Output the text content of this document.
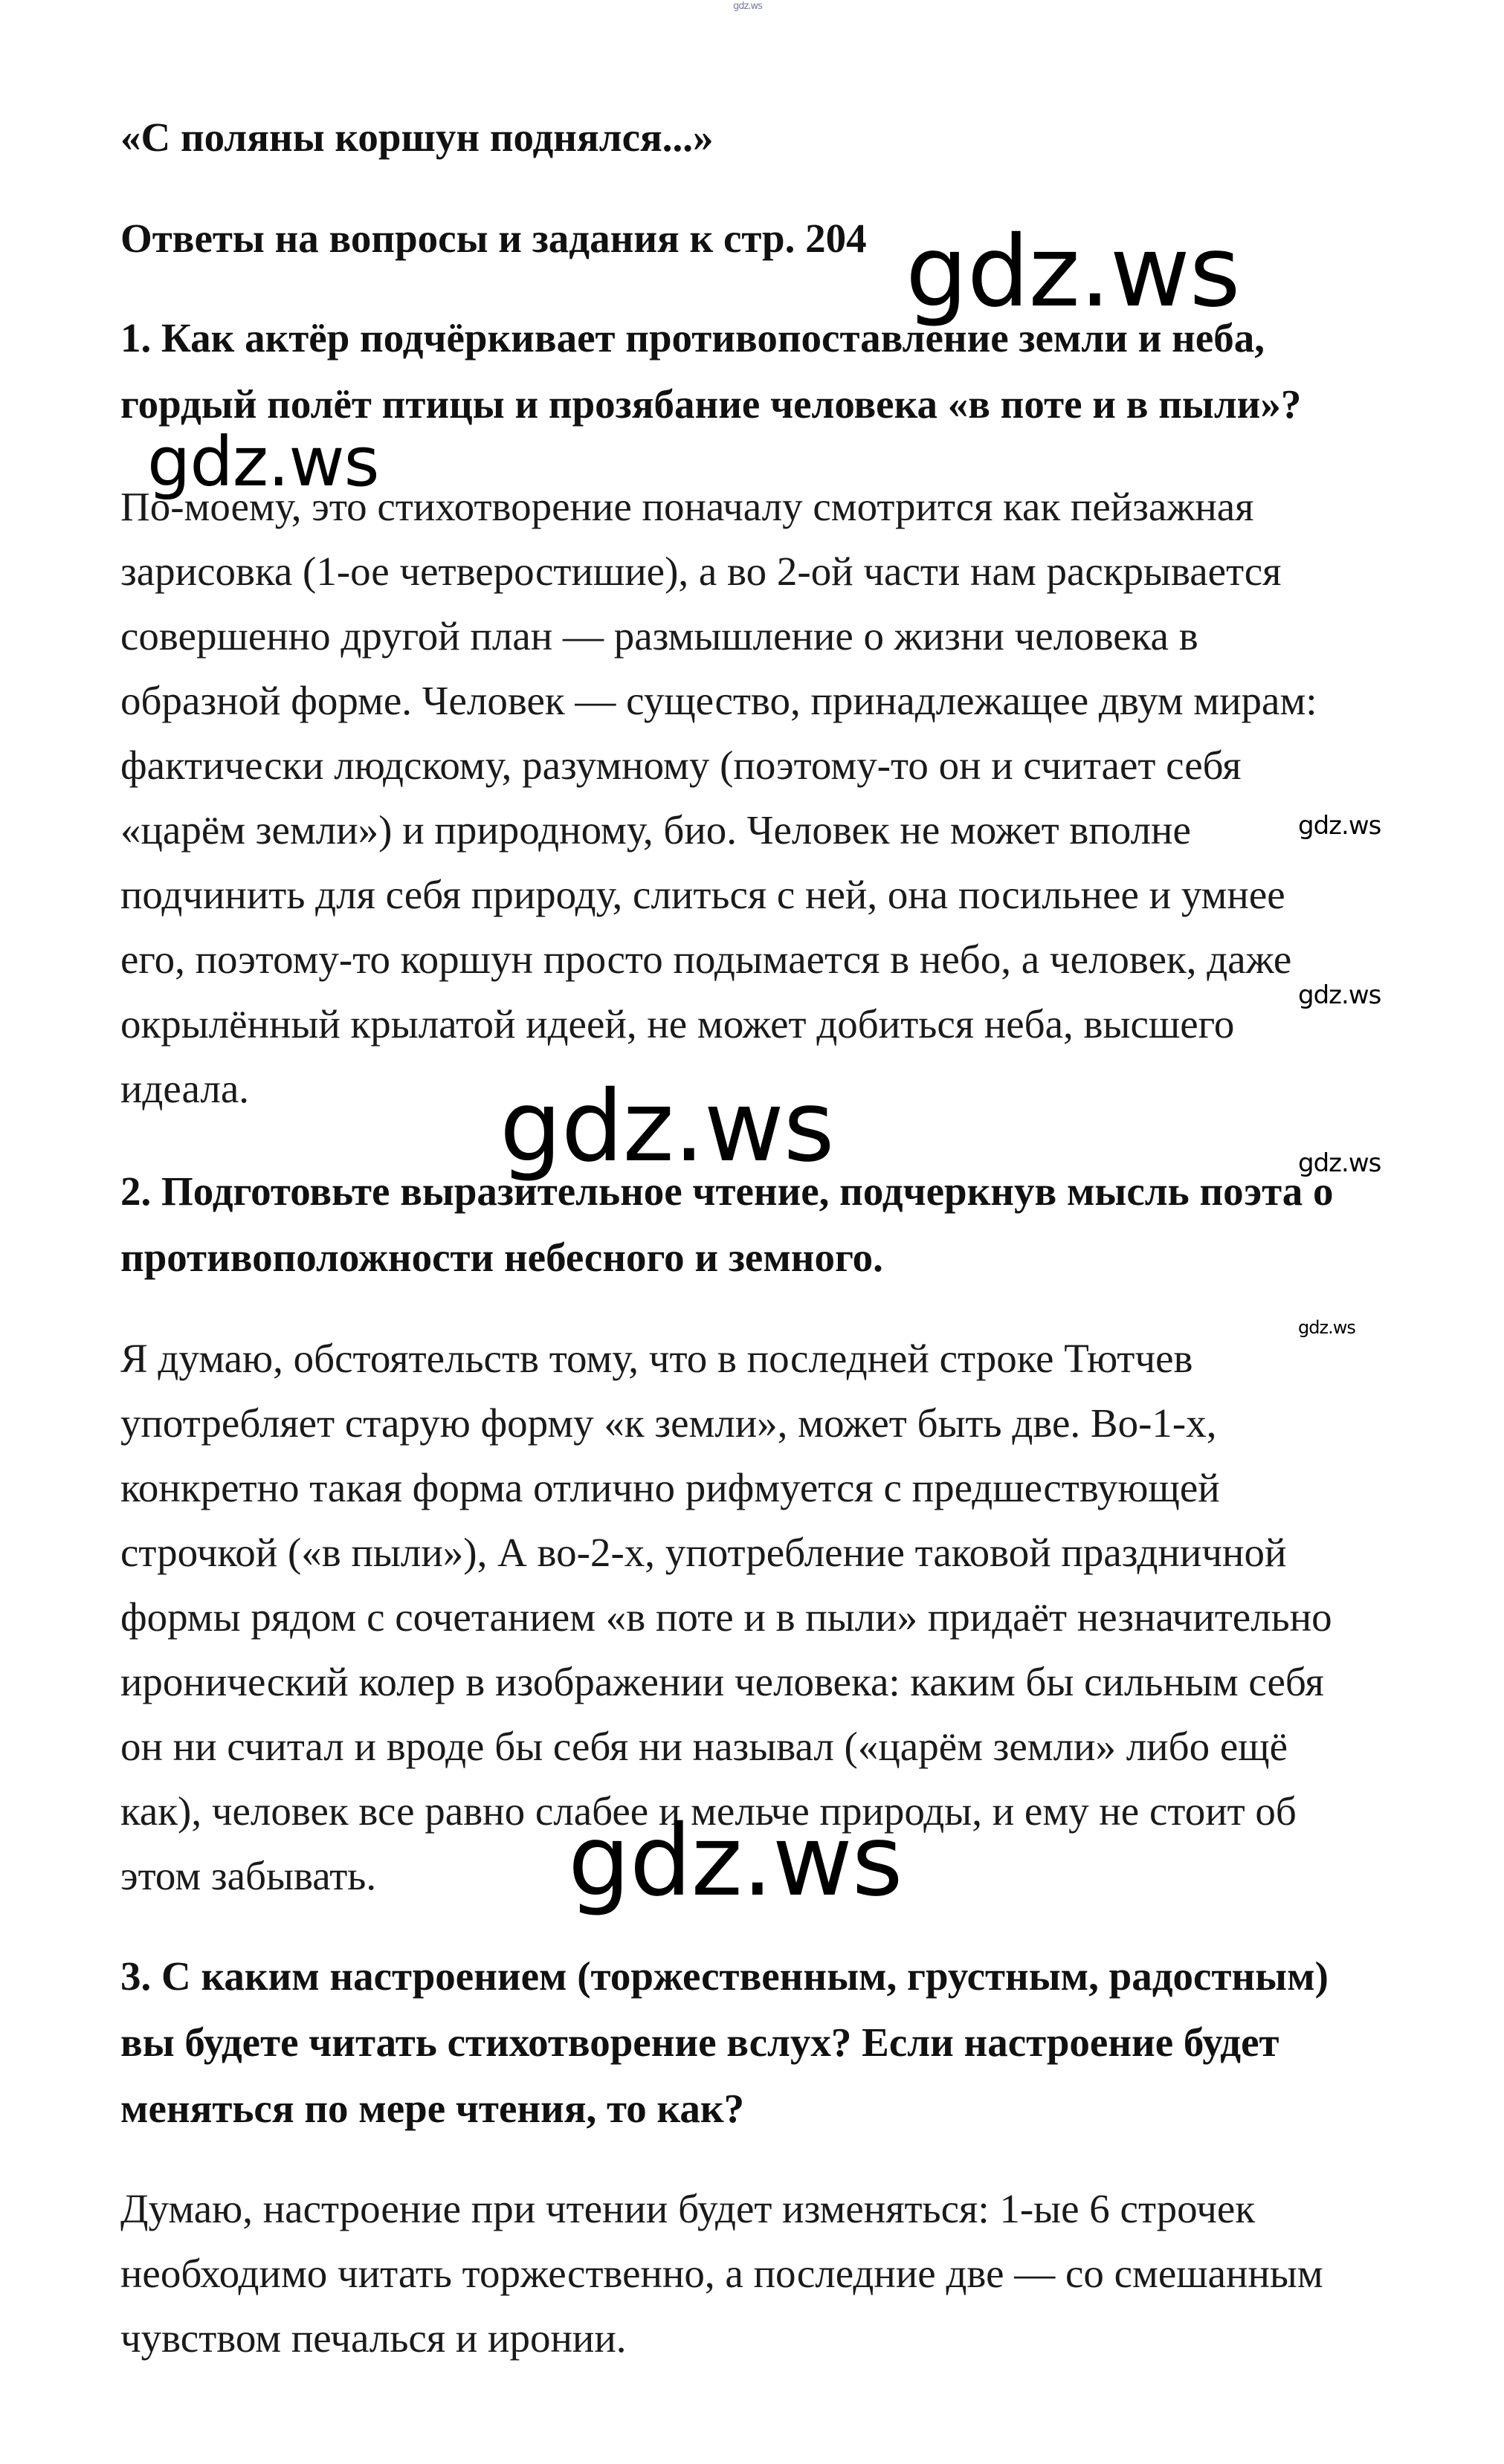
gdz.ws

«С поляны коршун поднялся...»

Ответы на вопросы и задания к стр. 204

1. Как актёр подчёркивает противопоставление земли и неба,
гордый полёт птицы и прозябание человека «в поте и в пыли»?

По-моему, это стихотворение поначалу смотрится как пейзажная
зарисовка (1-ое четверостишие), а во 2-ой части нам раскрывается
совершенно другой план — размышление о жизни человека в
образной форме. Человек — существо, принадлежащее двум мирам:
фактически людскому, разумному (поэтому-то он и считает себя
«царём земли») и природному, био. Человек не может вполне
подчинить для себя природу, слиться с ней, она посильнее и умнее
его, поэтому-то коршун просто подымается в небо, а человек, даже
окрылённый крылатой идеей, не может добиться неба, высшего
идеала.

2. Подготовьте выразительное чтение, подчеркнув мысль поэта о
противоположности небесного и земного.

Я думаю, обстоятельств тому, что в последней строке Тютчев
употребляет старую форму «к земли», может быть две. Во-1-х,
конкретно такая форма отлично рифмуется с предшествующей
строчкой («в пыли»), А во-2-х, употребление таковой праздничной
формы рядом с сочетанием «в поте и в пыли» придаёт незначительно
иронический колер в изображении человека: каким бы сильным себя
он ни считал и вроде бы себя ни называл («царём земли» либо ещё
как), человек все равно слабее и мельче природы, и ему не стоит об
этом забывать.

3. С каким настроением (торжественным, грустным, радостным)
вы будете читать стихотворение вслух? Если настроение будет
меняться по мере чтения, то как?

Думаю, настроение при чтении будет изменяться: 1-ые 6 строчек
необходимо читать торжественно, а последние две — со смешанным
чувством печалься и иронии.

gdz.ws
gdz.ws
gdz.ws
gdz.ws
gdz.ws	gdz.ws
gdz.ws
gdz.ws
